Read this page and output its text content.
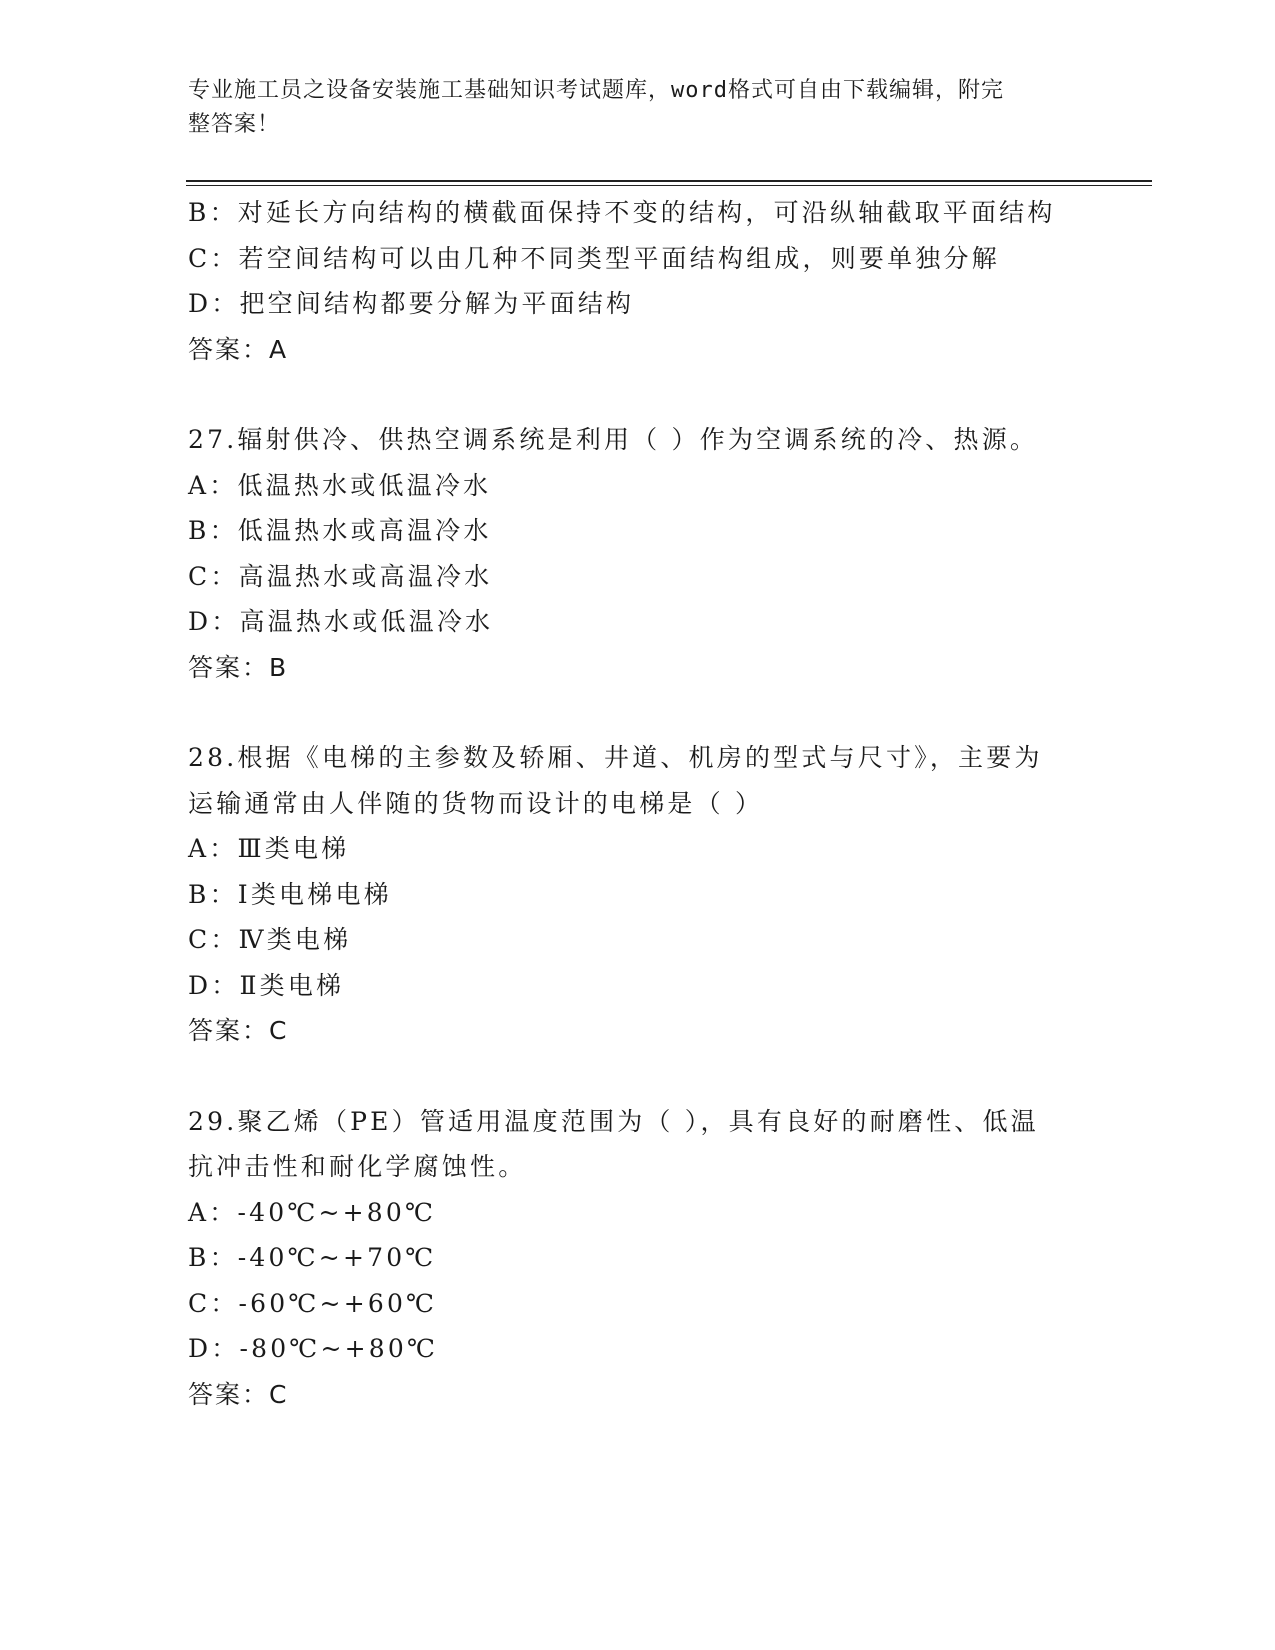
专业施工员之设备安装施工基础知识考试题库，word格式可自由下载编辑，附完
整答案！
B：对延长方向结构的横截面保持不变的结构，可沿纵轴截取平面结构
C：若空间结构可以由几种不同类型平面结构组成，则要单独分解
D：把空间结构都要分解为平面结构
答案：A
27.辐射供冷、供热空调系统是利用（ ）作为空调系统的冷、热源。
A：低温热水或低温冷水
B：低温热水或高温冷水
C：高温热水或高温冷水
D：高温热水或低温冷水
答案：B
28.根据《电梯的主参数及轿厢、井道、机房的型式与尺寸》，主要为
运输通常由人伴随的货物而设计的电梯是（ ）
A：Ⅲ类电梯
B：Ⅰ类电梯电梯
C：Ⅳ类电梯
D：Ⅱ类电梯
答案：C
29.聚乙烯（PE）管适用温度范围为（ ），具有良好的耐磨性、低温
抗冲击性和耐化学腐蚀性。
A：-40℃~+80℃
B：-40℃~+70℃
C：-60℃~+60℃
D：-80℃~+80℃
答案：C
